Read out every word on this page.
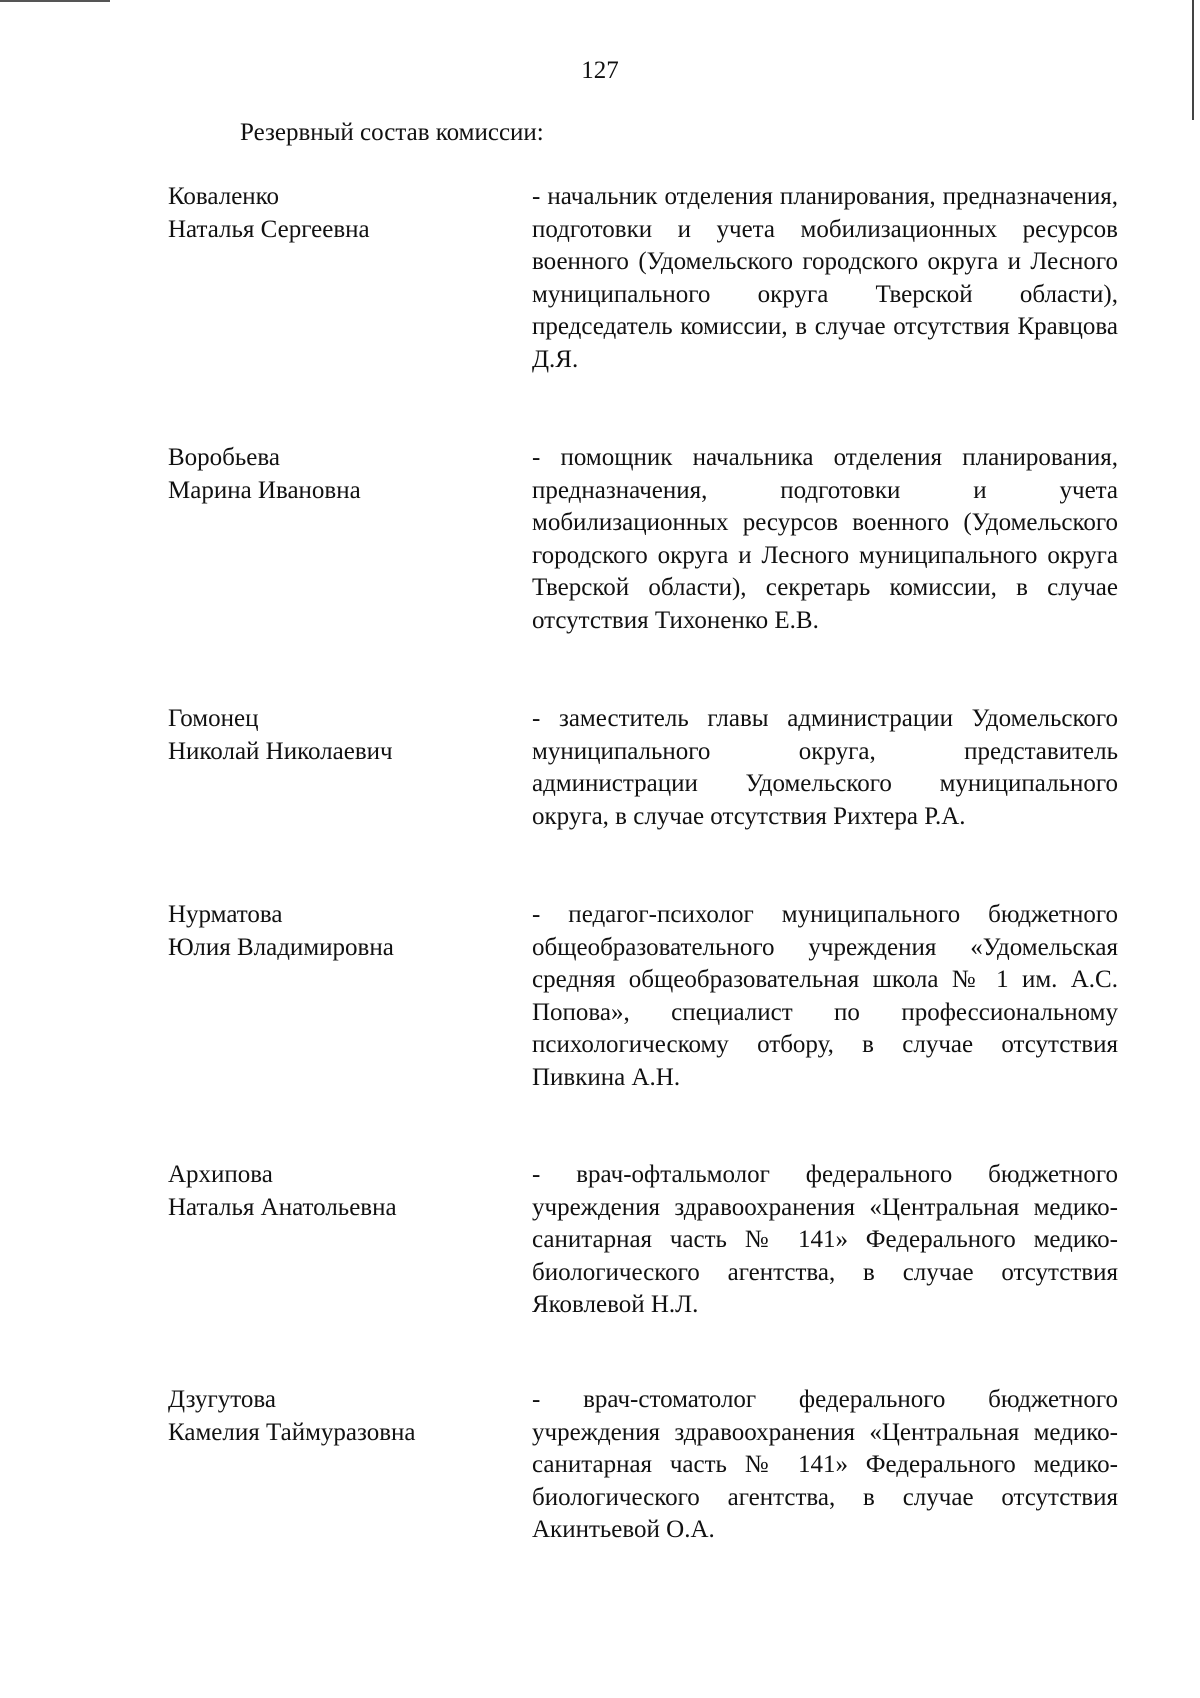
127
Резервный состав комиссии:
Коваленко
Наталья Сергеевна
- начальник отделения планирования, предназначения, подготовки и учета мобилизационных ресурсов военного (Удомельского городского округа и Лесного муниципального округа Тверской области), председатель комиссии, в случае отсутствия Кравцова Д.Я.
Воробьева
Марина Ивановна
- помощник начальника отделения планирования, предназначения, подготовки и учета мобилизационных ресурсов военного (Удомельского городского округа и Лесного муниципального округа Тверской области), секретарь комиссии, в случае отсутствия Тихоненко Е.В.
Гомонец
Николай Николаевич
- заместитель главы администрации Удомельского муниципального округа, представитель администрации Удомельского муниципального округа, в случае отсутствия Рихтера Р.А.
Нурматова
Юлия Владимировна
- педагог-психолог муниципального бюджетного общеобразовательного учреждения «Удомельская средняя общеобразовательная школа № 1 им. А.С. Попова», специалист по профессиональному психологическому отбору, в случае отсутствия Пивкина А.Н.
Архипова
Наталья Анатольевна
- врач-офтальмолог федерального бюджетного учреждения здравоохранения «Центральная медико-санитарная часть № 141» Федерального медико-биологического агентства, в случае отсутствия Яковлевой Н.Л.
Дзугутова
Камелия Таймуразовна
- врач-стоматолог федерального бюджетного учреждения здравоохранения «Центральная медико-санитарная часть № 141» Федерального медико-биологического агентства, в случае отсутствия Акинтьевой О.А.
